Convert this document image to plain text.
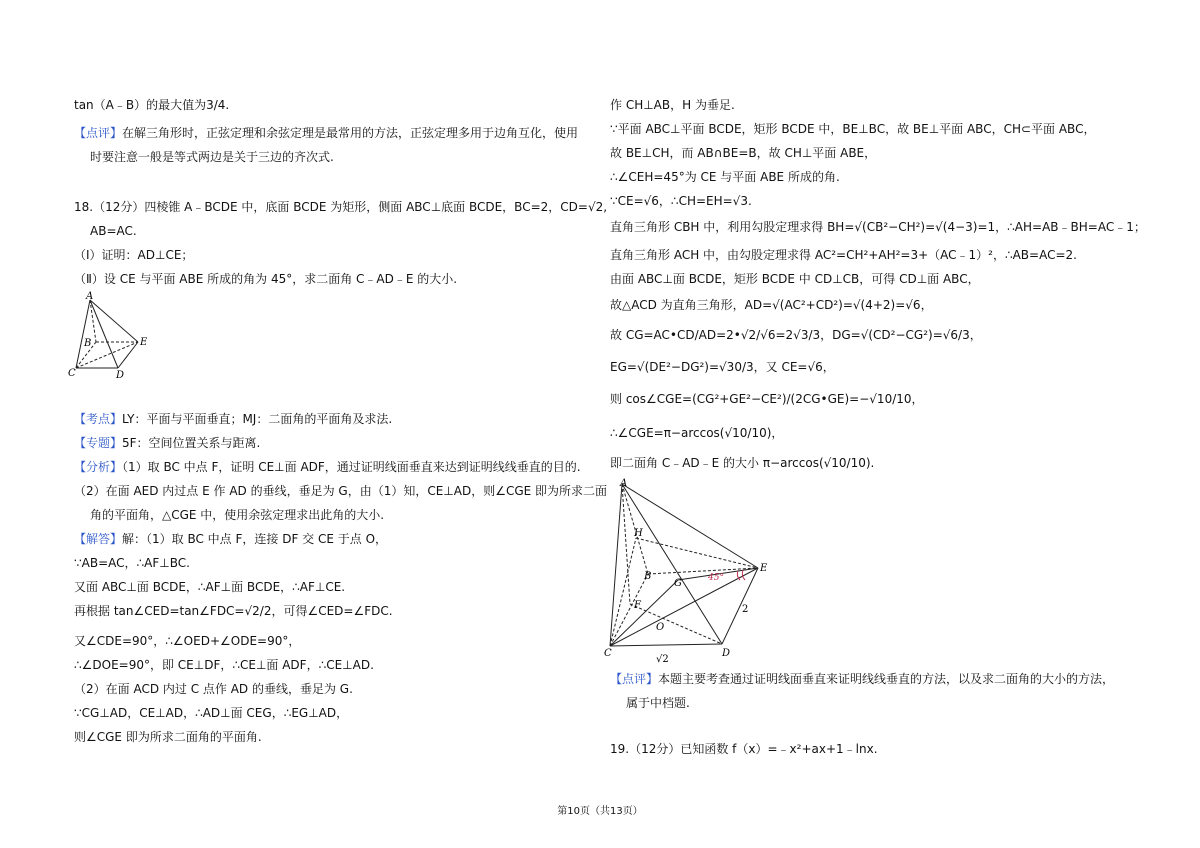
tan（A﹣B）的最大值为3/4.
【点评】在解三角形时，正弦定理和余弦定理是最常用的方法，正弦定理多用于边角互化，使用
时要注意一般是等式两边是关于三边的齐次式.
18.（12分）四棱锥 A﹣BCDE 中，底面 BCDE 为矩形，侧面 ABC⊥底面 BCDE，BC=2，CD=√2,
AB=AC.
（Ⅰ）证明：AD⊥CE；
（Ⅱ）设 CE 与平面 ABE 所成的角为 45°，求二面角 C﹣AD﹣E 的大小.
A
B
C	D
E
【考点】LY：平面与平面垂直；MJ：二面角的平面角及求法.
【专题】5F：空间位置关系与距离.
【分析】（1）取 BC 中点 F，证明 CE⊥面 ADF，通过证明线面垂直来达到证明线线垂直的目的.
（2）在面 AED 内过点 E 作 AD 的垂线，垂足为 G，由（1）知，CE⊥AD，则∠CGE 即为所求二面
角的平面角，△CGE 中，使用余弦定理求出此角的大小.
【解答】解：（1）取 BC 中点 F，连接 DF 交 CE 于点 O，
∵AB=AC，∴AF⊥BC.
又面 ABC⊥面 BCDE，∴AF⊥面 BCDE，∴AF⊥CE.
再根据 tan∠CED=tan∠FDC=√2/2，可得∠CED=∠FDC.
又∠CDE=90°，∴∠OED+∠ODE=90°，
∴∠DOE=90°，即 CE⊥DF，∴CE⊥面 ADF，∴CE⊥AD.
（2）在面 ACD 内过 C 点作 AD 的垂线，垂足为 G.
∵CG⊥AD，CE⊥AD，∴AD⊥面 CEG，∴EG⊥AD，
则∠CGE 即为所求二面角的平面角.
作 CH⊥AB，H 为垂足.
∵平面 ABC⊥平面 BCDE，矩形 BCDE 中，BE⊥BC，故 BE⊥平面 ABC，CH⊂平面 ABC，
故 BE⊥CH，而 AB∩BE=B，故 CH⊥平面 ABE，
∴∠CEH=45°为 CE 与平面 ABE 所成的角.
∵CE=√6，∴CH=EH=√3.
直角三角形 CBH 中，利用勾股定理求得 BH=√(CB²−CH²)=√(4−3)=1，∴AH=AB﹣BH=AC﹣1；
直角三角形 ACH 中，由勾股定理求得 AC²=CH²+AH²=3+（AC﹣1）²，∴AB=AC=2.
由面 ABC⊥面 BCDE，矩形 BCDE 中 CD⊥CB，可得 CD⊥面 ABC，
故△ACD 为直角三角形，AD=√(AC²+CD²)=√(4+2)=√6，
故 CG=AC•CD/AD=2•√2/√6=2√3/3，DG=√(CD²−CG²)=√6/3，
EG=√(DE²−DG²)=√30/3，又 CE=√6，
则 cos∠CGE=(CG²+GE²−CE²)/(2CG•GE)=−√10/10，
∴∠CGE=π−arccos(√10/10)，
即二面角 C﹣AD﹣E 的大小 π−arccos(√10/10).
A
H
B
G
E
F
O
C	D
45°
2
√2
【点评】本题主要考查通过证明线面垂直来证明线线垂直的方法，以及求二面角的大小的方法，
属于中档题.
19.（12分）已知函数 f（x）=﹣x²+ax+1﹣lnx.
第10页（共13页）
